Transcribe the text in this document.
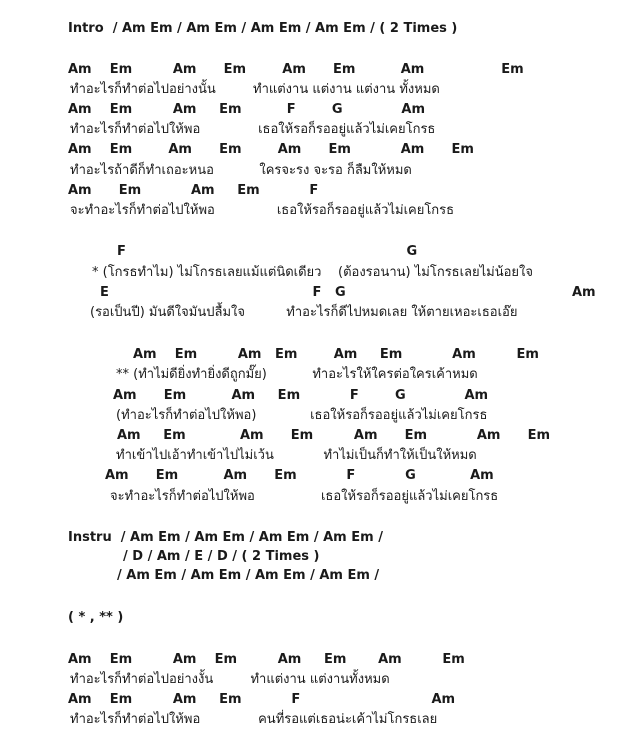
Intro  / Am Em / Am Em / Am Em / Am Em / ( 2 Times )
Am    Em         Am      Em        Am      Em          Am                 Em
ทำอะไรก็ทำต่อไปอย่างนั้น         ทำแต่งาน แต่งาน แต่งาน ทั้งหมด
Am    Em         Am     Em          F        G             Am
ทำอะไรก็ทำต่อไปให้พอ              เธอให้รอก็รออยู่แล้วไม่เคยโกรธ
Am    Em        Am      Em        Am      Em           Am      Em
ทำอะไรถ้าดีก็ทำเถอะหนอ           ใครจะรง จะรอ ก็ลืมให้หมด
Am      Em           Am     Em           F
จะทำอะไรก็ทำต่อไปให้พอ               เธอให้รอก็รออยู่แล้วไม่เคยโกรธ
F                                                              G
* (โกรธทำไม) ไม่โกรธเลยแม้แต่นิดเดียว    (ต้องรอนาน) ไม่โกรธเลยไม่น้อยใจ
E                                             F   G                                                  Am
(รอเป็นปี) มันดีใจมันปลื้มใจ          ทำอะไรก็ดีไปหมดเลย ให้ตายเหอะเธอเอ๊ย
Am    Em         Am   Em        Am     Em           Am         Em
** (ทำไม่ดียิ่งทำยิ่งดีถูกมั๊ย)           ทำอะไรให้ใครต่อใครเค้าหมด
Am      Em          Am     Em           F        G             Am
(ทำอะไรก็ทำต่อไปให้พอ)             เธอให้รอก็รออยู่แล้วไม่เคยโกรธ
Am     Em            Am      Em         Am      Em           Am      Em
ทำเข้าไปเอ้าทำเข้าไปไม่เว้น            ทำไม่เป็นก็ทำให้เป็นให้หมด
Am      Em          Am      Em           F           G            Am
จะทำอะไรก็ทำต่อไปให้พอ                เธอให้รอก็รออยู่แล้วไม่เคยโกรธ
Instru  / Am Em / Am Em / Am Em / Am Em /
/ D / Am / E / D / ( 2 Times )
/ Am Em / Am Em / Am Em / Am Em /
( * , ** )
Am    Em         Am    Em         Am     Em       Am         Em
ทำอะไรก็ทำต่อไปอย่างงั้น         ทำแต่งาน แต่งานทั้งหมด
Am    Em         Am     Em           F                             Am
ทำอะไรก็ทำต่อไปให้พอ              คนที่รอแต่เธอน่ะเค้าไม่โกรธเลย
